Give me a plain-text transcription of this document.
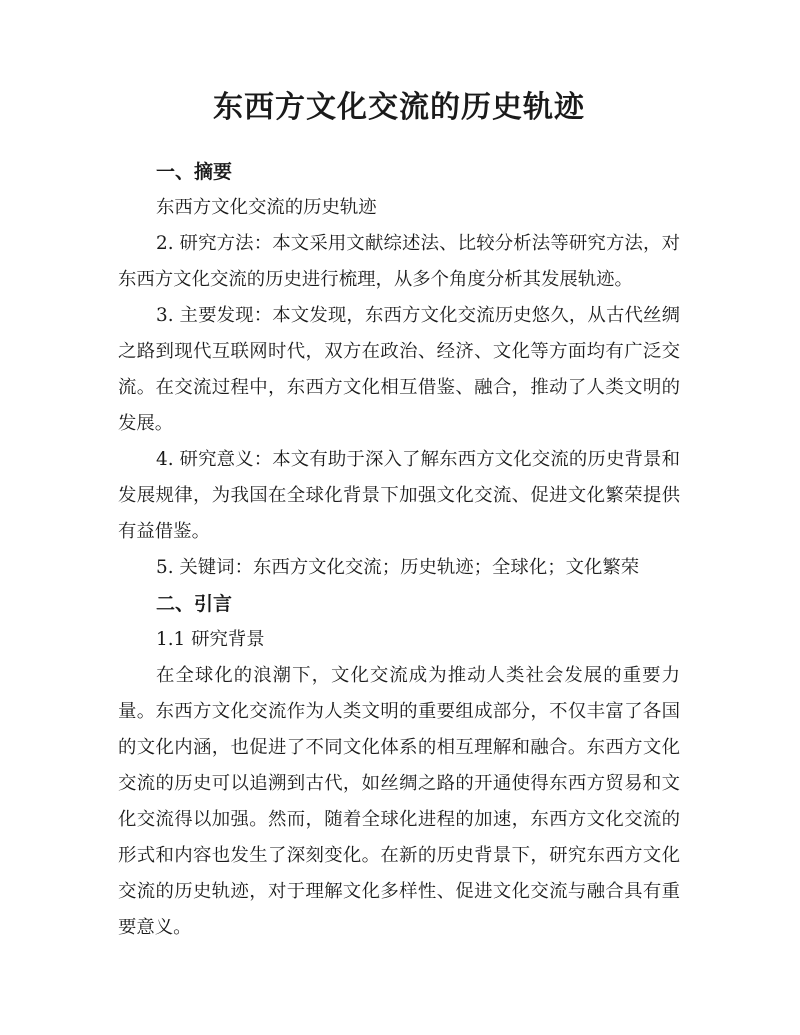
东西方文化交流的历史轨迹
一、摘要

东西方文化交流的历史轨迹

2. 研究方法：本文采用文献综述法、比较分析法等研究方法，对东西方文化交流的历史进行梳理，从多个角度分析其发展轨迹。

3. 主要发现：本文发现，东西方文化交流历史悠久，从古代丝绸之路到现代互联网时代，双方在政治、经济、文化等方面均有广泛交流。在交流过程中，东西方文化相互借鉴、融合，推动了人类文明的发展。

4. 研究意义：本文有助于深入了解东西方文化交流的历史背景和发展规律，为我国在全球化背景下加强文化交流、促进文化繁荣提供有益借鉴。

5. 关键词：东西方文化交流；历史轨迹；全球化；文化繁荣

二、引言

1.1 研究背景

在全球化的浪潮下，文化交流成为推动人类社会发展的重要力量。东西方文化交流作为人类文明的重要组成部分，不仅丰富了各国的文化内涵，也促进了不同文化体系的相互理解和融合。东西方文化交流的历史可以追溯到古代，如丝绸之路的开通使得东西方贸易和文化交流得以加强。然而，随着全球化进程的加速，东西方文化交流的形式和内容也发生了深刻变化。在新的历史背景下，研究东西方文化交流的历史轨迹，对于理解文化多样性、促进文化交流与融合具有重要意义。
